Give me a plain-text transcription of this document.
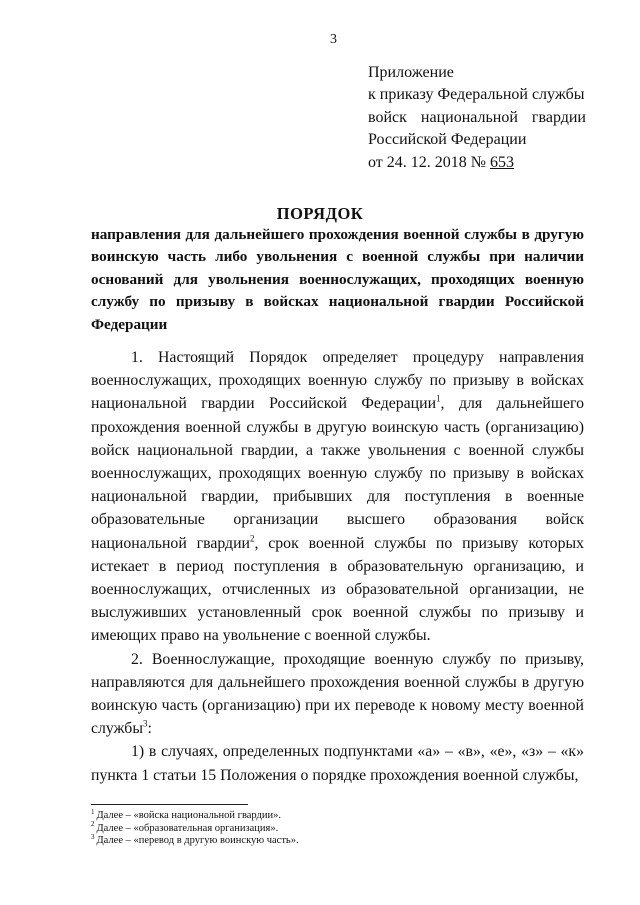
3
Приложение
к приказу Федеральной службы
войск национальной гвардии
Российской Федерации
от 24. 12. 2018 № 653
ПОРЯДОК
направления для дальнейшего прохождения военной службы в другую воинскую часть либо увольнения с военной службы при наличии оснований для увольнения военнослужащих, проходящих военную службу по призыву в войсках национальной гвардии Российской Федерации

1. Настоящий Порядок определяет процедуру направления военнослужащих, проходящих военную службу по призыву в войсках национальной гвардии Российской Федерации$^1$, для дальнейшего прохождения военной службы в другую воинскую часть (организацию) войск национальной гвардии, а также увольнения с военной службы военнослужащих, проходящих военную службу по призыву в войсках национальной гвардии, прибывших для поступления в военные образовательные организации высшего образования войск национальной гвардии$^2$, срок военной службы по призыву которых истекает в период поступления в образовательную организацию, и военнослужащих, отчисленных из образовательной организации, не выслуживших установленный срок военной службы по призыву и имеющих право на увольнение с военной службы.

2. Военнослужащие, проходящие военную службу по призыву, направляются для дальнейшего прохождения военной службы в другую воинскую часть (организацию) при их переводе к новому месту военной службы$^3$:

1) в случаях, определенных подпунктами «а» – «в», «е», «з» – «к» пункта 1 статьи 15 Положения о порядке прохождения военной службы,

$^1$ Далее – «войска национальной гвардии».
$^2$ Далее – «образовательная организация».
$^3$ Далее – «перевод в другую воинскую часть».
